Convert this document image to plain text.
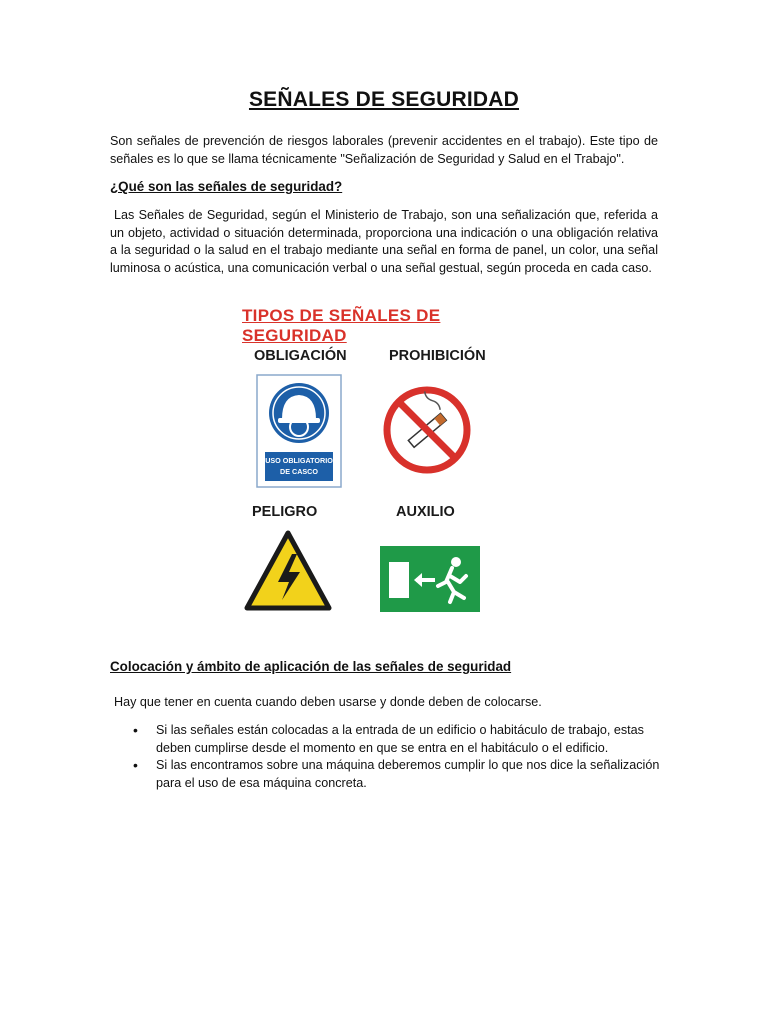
SEÑALES DE SEGURIDAD
Son señales de prevención de riesgos laborales (prevenir accidentes en el trabajo). Este tipo de señales es lo que se llama técnicamente "Señalización de Seguridad y Salud en el Trabajo".
¿Qué son las señales de seguridad?
Las Señales de Seguridad, según el Ministerio de Trabajo, son una señalización que, referida a un objeto, actividad o situación determinada, proporciona una indicación o una obligación relativa a la seguridad o la salud en el trabajo mediante una señal en forma de panel, un color, una señal luminosa o acústica, una comunicación verbal o una señal gestual, según proceda en cada caso.
TIPOS DE SEÑALES DE SEGURIDAD
OBLIGACIÓN	PROHIBICIÓN
PELIGRO	AUXILIO
USO OBLIGATORIO
DE CASCO
Colocación y ámbito de aplicación de las señales de seguridad
Hay que tener en cuenta cuando deben usarse y donde deben de colocarse.
• Si las señales están colocadas a la entrada de un edificio o habitáculo de trabajo, estas deben cumplirse desde el momento en que se entra en el habitáculo o el edificio.
• Si las encontramos sobre una máquina deberemos cumplir lo que nos dice la señalización para el uso de esa máquina concreta.
